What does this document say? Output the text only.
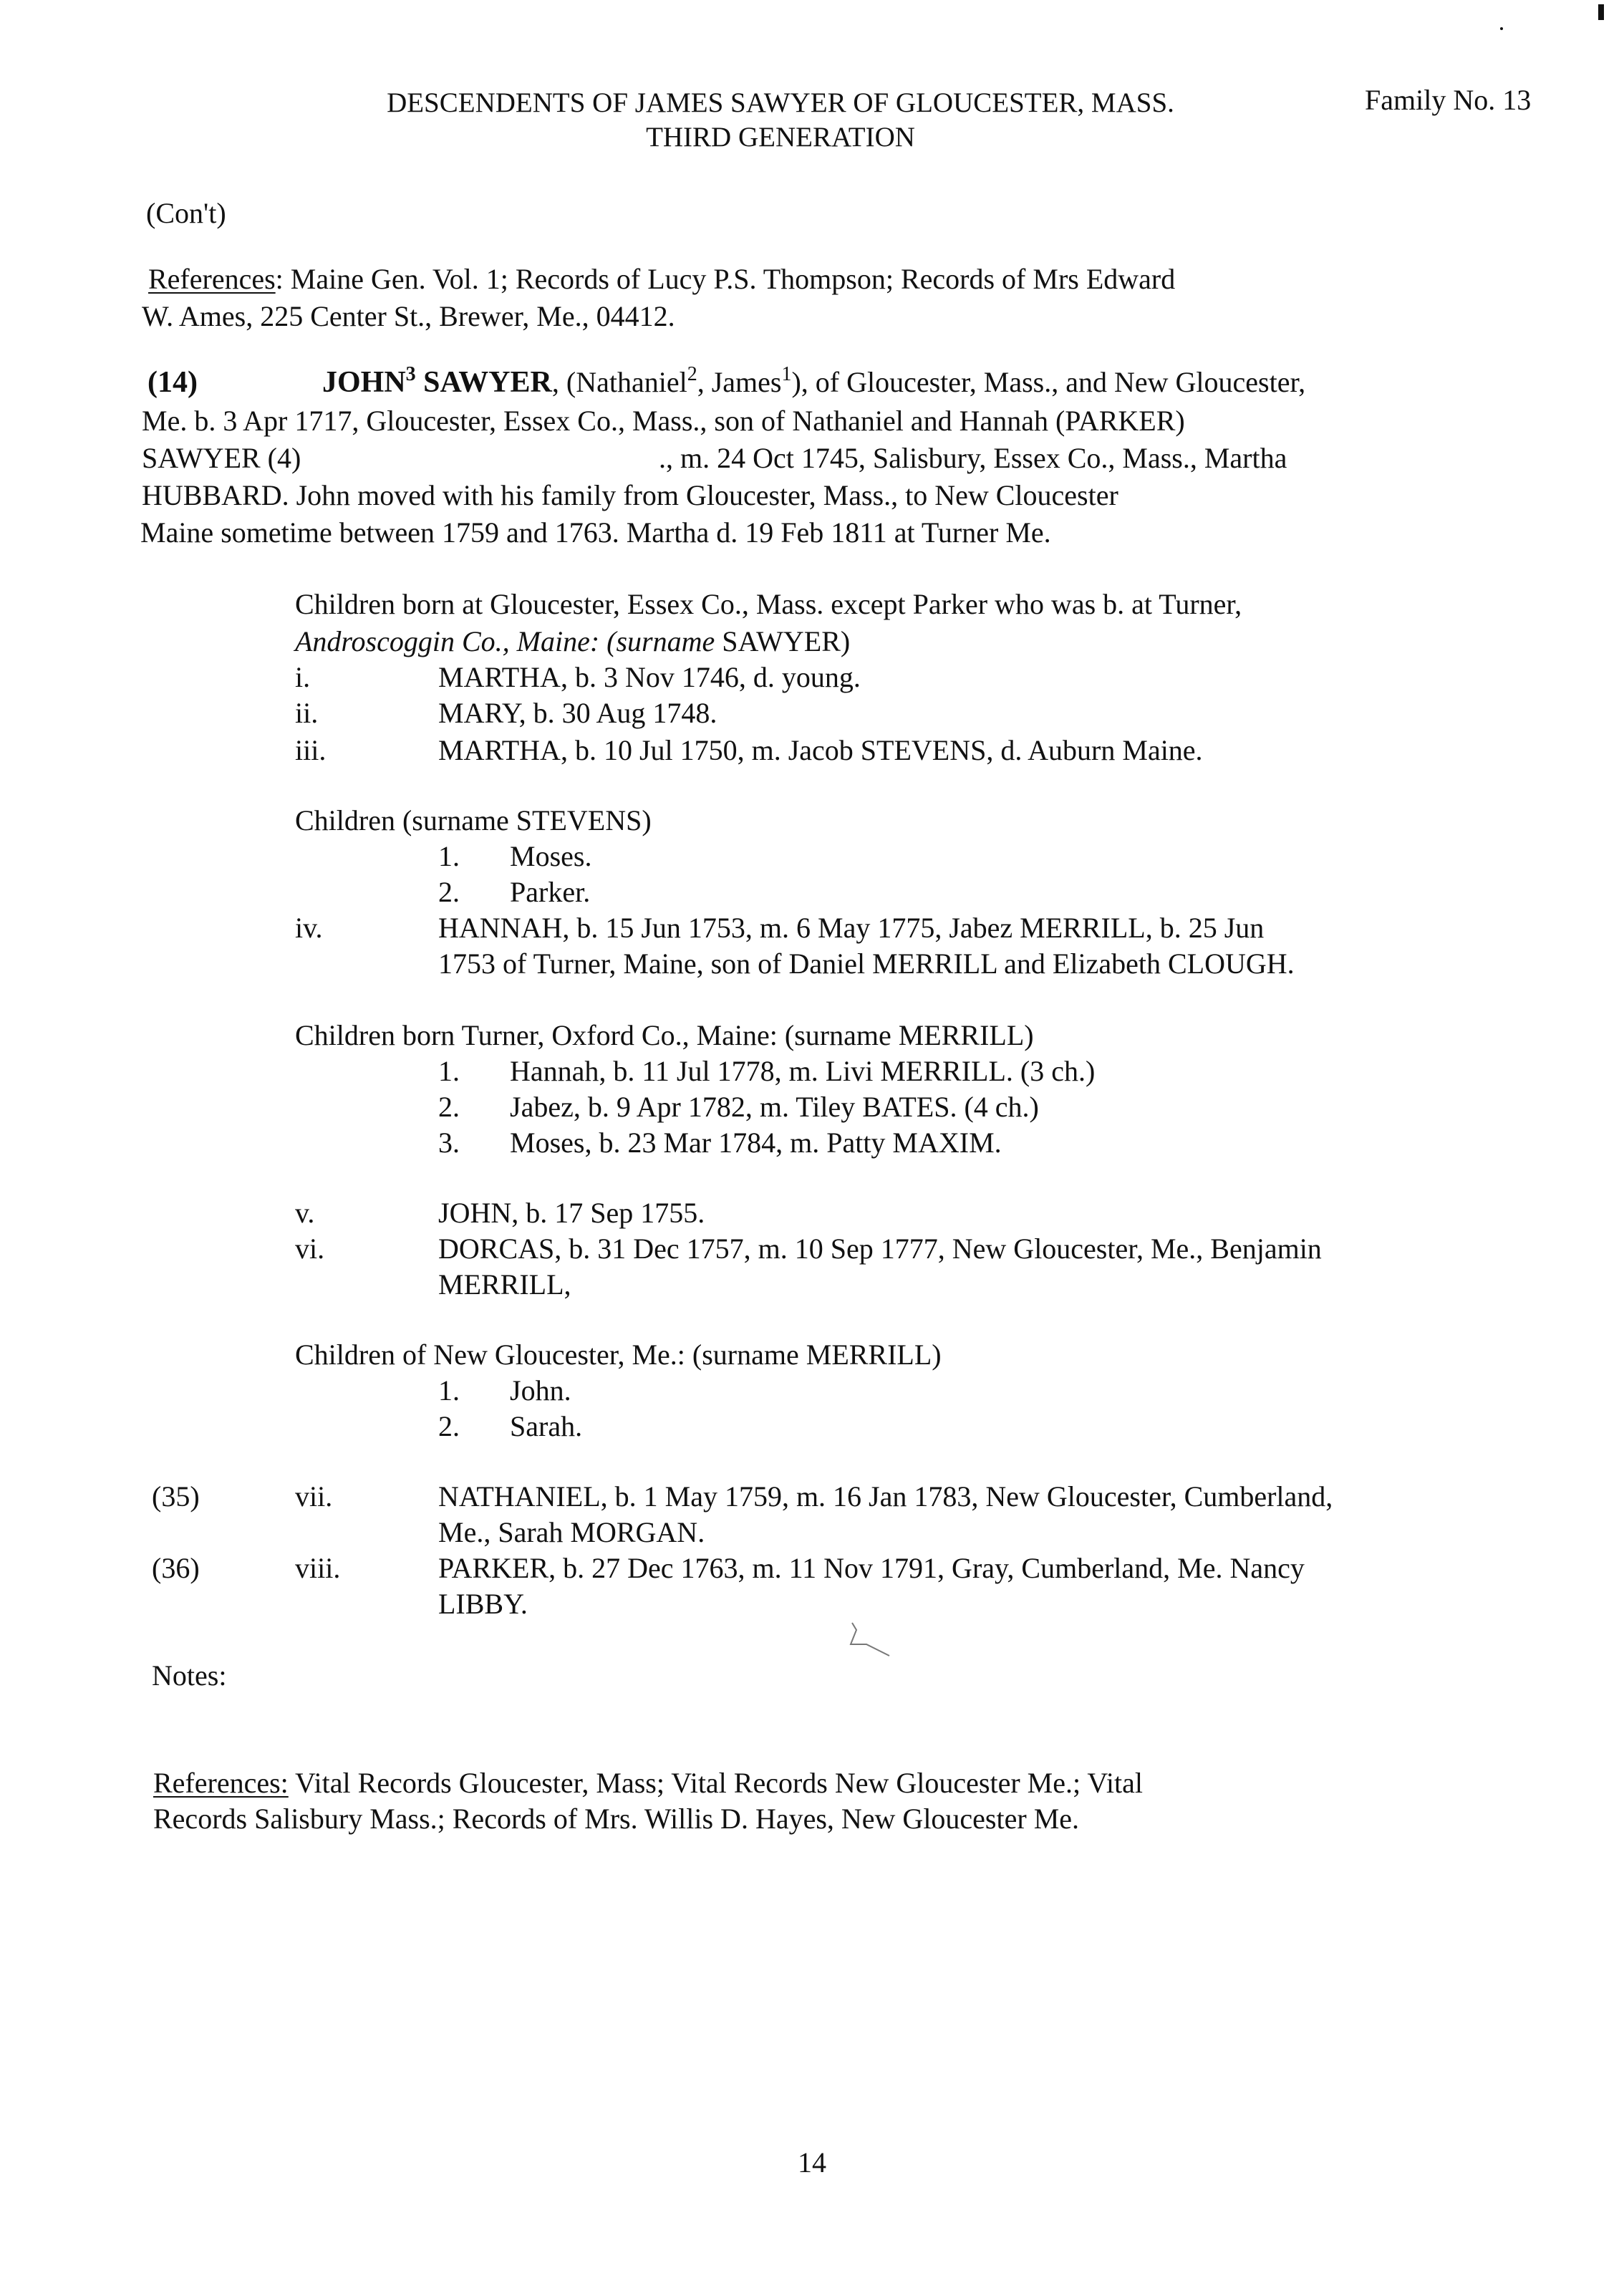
DESCENDENTS OF JAMES SAWYER OF GLOUCESTER, MASS.
THIRD GENERATION
Family No. 13
(Con't)
References: Maine Gen. Vol. 1; Records of Lucy P.S. Thompson; Records of Mrs Edward
W. Ames, 225 Center St., Brewer, Me., 04412.
(14)	JOHN$^3$ SAWYER, (Nathaniel$^2$, James$^1$), of Gloucester, Mass., and New Gloucester,
Me. b. 3 Apr 1717, Gloucester, Essex Co., Mass., son of Nathaniel and Hannah (PARKER)
SAWYER (4)	., m. 24 Oct 1745, Salisbury, Essex Co., Mass., Martha
HUBBARD. John moved with his family from Gloucester, Mass., to New Cloucester
Maine sometime between 1759 and 1763. Martha d. 19 Feb 1811 at Turner Me.
Children born at Gloucester, Essex Co., Mass. except Parker who was b. at Turner,
Androscoggin Co., Maine: (surname SAWYER)
i.	MARTHA, b. 3 Nov 1746, d. young.
ii.	MARY, b. 30 Aug 1748.
iii.	MARTHA, b. 10 Jul 1750, m. Jacob STEVENS, d. Auburn Maine.
Children (surname STEVENS)
1. Moses.
2. Parker.
iv.	HANNAH, b. 15 Jun 1753, m. 6 May 1775, Jabez MERRILL, b. 25 Jun
1753 of Turner, Maine, son of Daniel MERRILL and Elizabeth CLOUGH.
Children born Turner, Oxford Co., Maine: (surname MERRILL)
1. Hannah, b. 11 Jul 1778, m. Livi MERRILL. (3 ch.)
2. Jabez, b. 9 Apr 1782, m. Tiley BATES. (4 ch.)
3. Moses, b. 23 Mar 1784, m. Patty MAXIM.
v.	JOHN, b. 17 Sep 1755.
vi.	DORCAS, b. 31 Dec 1757, m. 10 Sep 1777, New Gloucester, Me., Benjamin
MERRILL,
Children of New Gloucester, Me.: (surname MERRILL)
1. John.
2. Sarah.
(35)	vii.	NATHANIEL, b. 1 May 1759, m. 16 Jan 1783, New Gloucester, Cumberland,
Me., Sarah MORGAN.
(36)	viii.	PARKER, b. 27 Dec 1763, m. 11 Nov 1791, Gray, Cumberland, Me. Nancy
LIBBY.
Notes:
References: Vital Records Gloucester, Mass; Vital Records New Gloucester Me.; Vital
Records Salisbury Mass.; Records of Mrs. Willis D. Hayes, New Gloucester Me.
14
